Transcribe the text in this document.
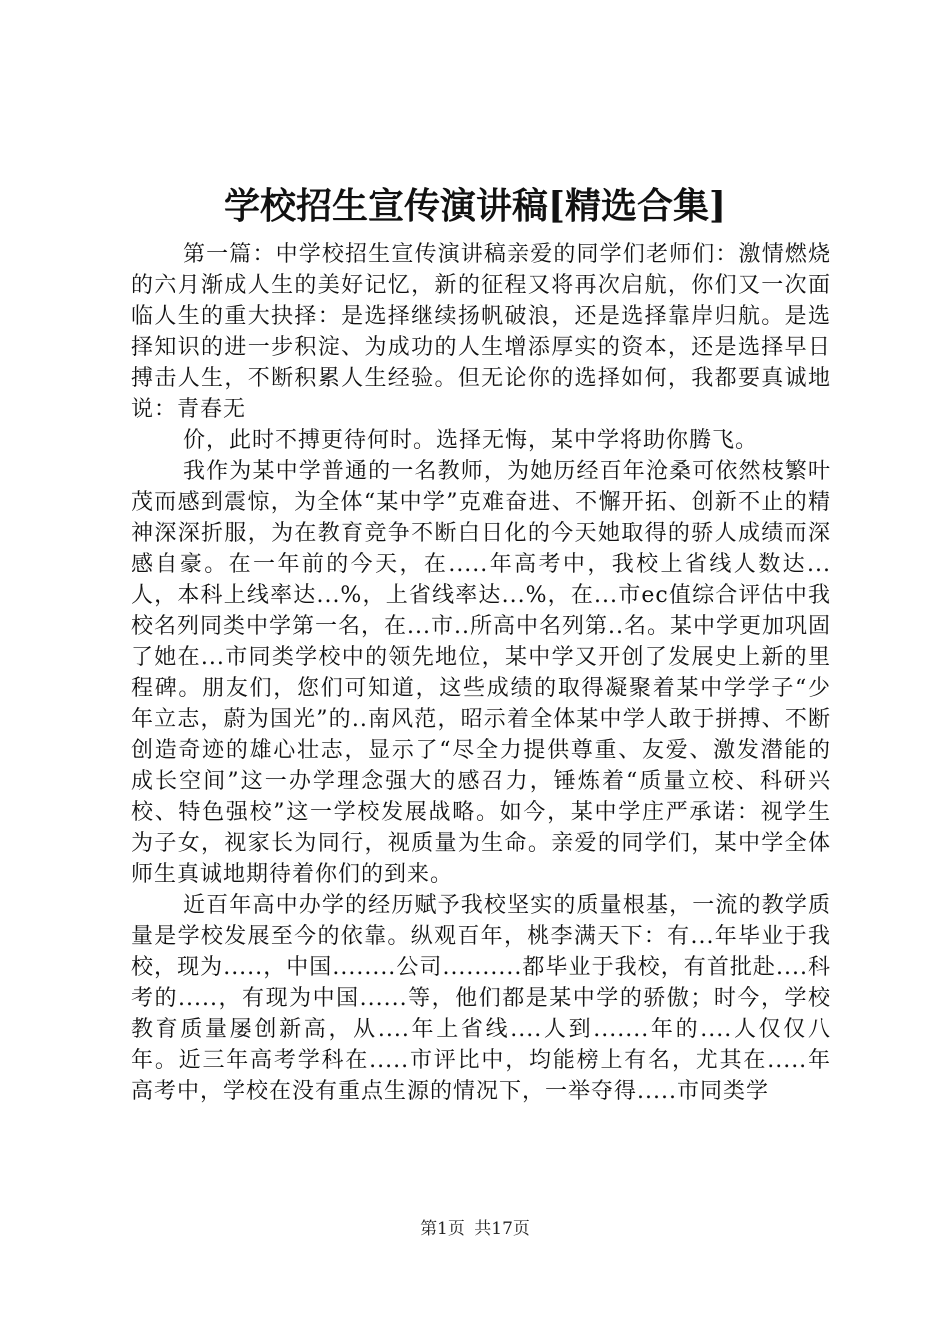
学校招生宣传演讲稿[精选合集]

第一篇：中学校招生宣传演讲稿亲爱的同学们老师们：激情燃烧的六月渐成人生的美好记忆，新的征程又将再次启航，你们又一次面临人生的重大抉择：是选择继续扬帆破浪，还是选择靠岸归航。是选择知识的进一步积淀、为成功的人生增添厚实的资本，还是选择早日搏击人生，不断积累人生经验。但无论你的选择如何，我都要真诚地说：青春无

价，此时不搏更待何时。选择无悔，某中学将助你腾飞。

我作为某中学普通的一名教师，为她历经百年沧桑可依然枝繁叶茂而感到震惊，为全体“某中学”克难奋进、不懈开拓、创新不止的精神深深折服，为在教育竞争不断白日化的今天她取得的骄人成绩而深感自豪。在一年前的今天，在.....年高考中，我校上省线人数达...人，本科上线率达...%，上省线率达...%，在...市ec值综合评估中我校名列同类中学第一名，在...市..所高中名列第..名。某中学更加巩固了她在...市同类学校中的领先地位，某中学又开创了发展史上新的里程碑。朋友们，您们可知道，这些成绩的取得凝聚着某中学学子“少年立志，蔚为国光”的..南风范，昭示着全体某中学人敢于拼搏、不断创造奇迹的雄心壮志，显示了“尽全力提供尊重、友爱、激发潜能的成长空间”这一办学理念强大的感召力，锤炼着“质量立校、科研兴校、特色强校”这一学校发展战略。如今，某中学庄严承诺：视学生为子女，视家长为同行，视质量为生命。亲爱的同学们，某中学全体师生真诚地期待着你们的到来。

近百年高中办学的经历赋予我校坚实的质量根基，一流的教学质量是学校发展至今的依靠。纵观百年，桃李满天下：有...年毕业于我校，现为.....，中国........公司..........都毕业于我校，有首批赴....科考的.....，有现为中国......等，他们都是某中学的骄傲；时今，学校教育质量屡创新高，从....年上省线....人到.......年的....人仅仅八年。近三年高考学科在.....市评比中，均能榜上有名，尤其在.....年高考中，学校在没有重点生源的情况下，一举夺得.....市同类学

第1页 共17页
